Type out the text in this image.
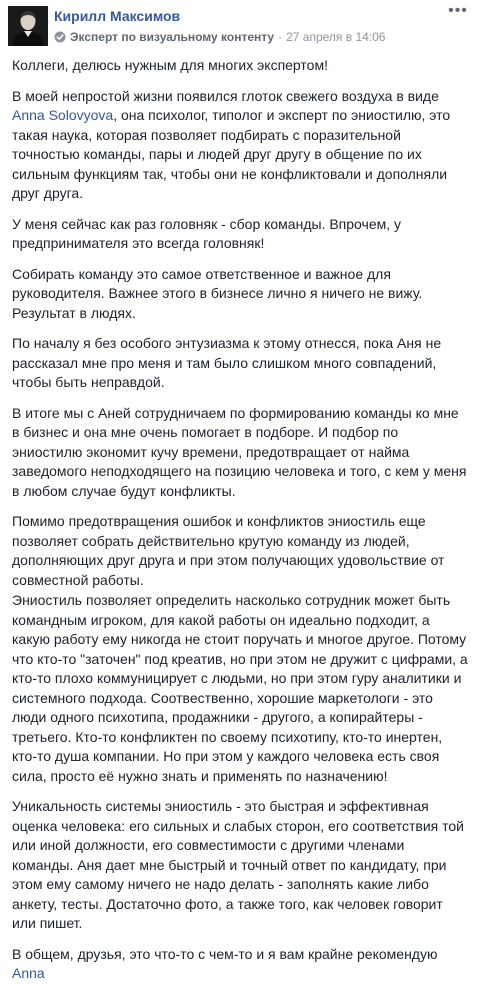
Кирилл Максимов
Эксперт по визуальному контенту · 27 апреля в 14:06
•••

Коллеги, делюсь нужным для многих экспертом!

В моей непростой жизни появился глоток свежего воздуха в виде Anna Solovyova, она психолог, типолог и эксперт по эниостилю, это такая наука, которая позволяет подбирать с поразительной точностью команды, пары и людей друг другу в общение по их сильным функциям так, чтобы они не конфликтовали и дополняли друг друга.

У меня сейчас как раз головняк - сбор команды. Впрочем, у предпринимателя это всегда головняк!

Собирать команду это самое ответственное и важное для руководителя. Важнее этого в бизнесе лично я ничего не вижу. Результат в людях.

По началу я без особого энтузиазма к этому отнесся, пока Аня не рассказал мне про меня и там было слишком много совпадений, чтобы быть неправдой.

В итоге мы с Аней сотрудничаем по формированию команды ко мне в бизнес и она мне очень помогает в подборе. И подбор по эниостилю экономит кучу времени, предотвращает от найма заведомого неподходящего на позицию человека и того, с кем у меня в любом случае будут конфликты.

Помимо предотвращения ошибок и конфликтов эниостиль еще позволяет собрать действительно крутую команду из людей, дополняющих друг друга и при этом получающих удовольствие от совместной работы.

Эниостиль позволяет определить насколько сотрудник может быть командным игроком, для какой работы он идеально подходит, а какую работу ему никогда не стоит поручать и многое другое. Потому что кто-то "заточен" под креатив, но при этом не дружит с цифрами, а кто-то плохо коммуницирует с людьми, но при этом гуру аналитики и системного подхода. Соотвественно, хорошие маркетологи - это люди одного психотипа, продажники - другого, а копирайтеры - третьего. Кто-то конфликтен по своему психотипу, кто-то инертен, кто-то душа компании. Но при этом у каждого человека есть своя сила, просто её нужно знать и применять по назначению!

Уникальность системы эниостиль - это быстрая и эффективная оценка человека: его сильных и слабых сторон, его соответствия той или иной должности, его совместимости с другими членами команды. Аня дает мне быстрый и точный ответ по кандидату, при этом ему самому ничего не надо делать - заполнять какие либо анкету, тесты. Достаточно фото, а также того, как человек говорит или пишет.

В общем, друзья, это что-то с чем-то и я вам крайне рекомендую Anna
